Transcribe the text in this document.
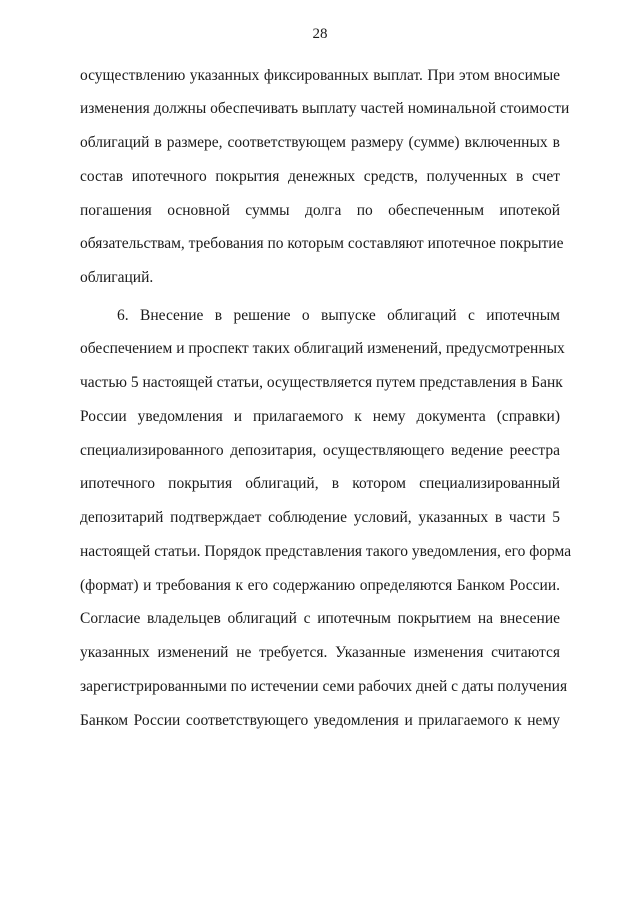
28
осуществлению указанных фиксированных выплат. При этом вносимые
изменения должны обеспечивать выплату частей номинальной стоимости
облигаций в размере, соответствующем размеру (сумме) включенных в
состав ипотечного покрытия денежных средств, полученных в счет
погашения основной суммы долга по обеспеченным ипотекой
обязательствам, требования по которым составляют ипотечное покрытие
облигаций.
6. Внесение в решение о выпуске облигаций с ипотечным
обеспечением и проспект таких облигаций изменений, предусмотренных
частью 5 настоящей статьи, осуществляется путем представления в Банк
России уведомления и прилагаемого к нему документа (справки)
специализированного депозитария, осуществляющего ведение реестра
ипотечного покрытия облигаций, в котором специализированный
депозитарий подтверждает соблюдение условий, указанных в части 5
настоящей статьи. Порядок представления такого уведомления, его форма
(формат) и требования к его содержанию определяются Банком России.
Согласие владельцев облигаций с ипотечным покрытием на внесение
указанных изменений не требуется. Указанные изменения считаются
зарегистрированными по истечении семи рабочих дней с даты получения
Банком России соответствующего уведомления и прилагаемого к нему
